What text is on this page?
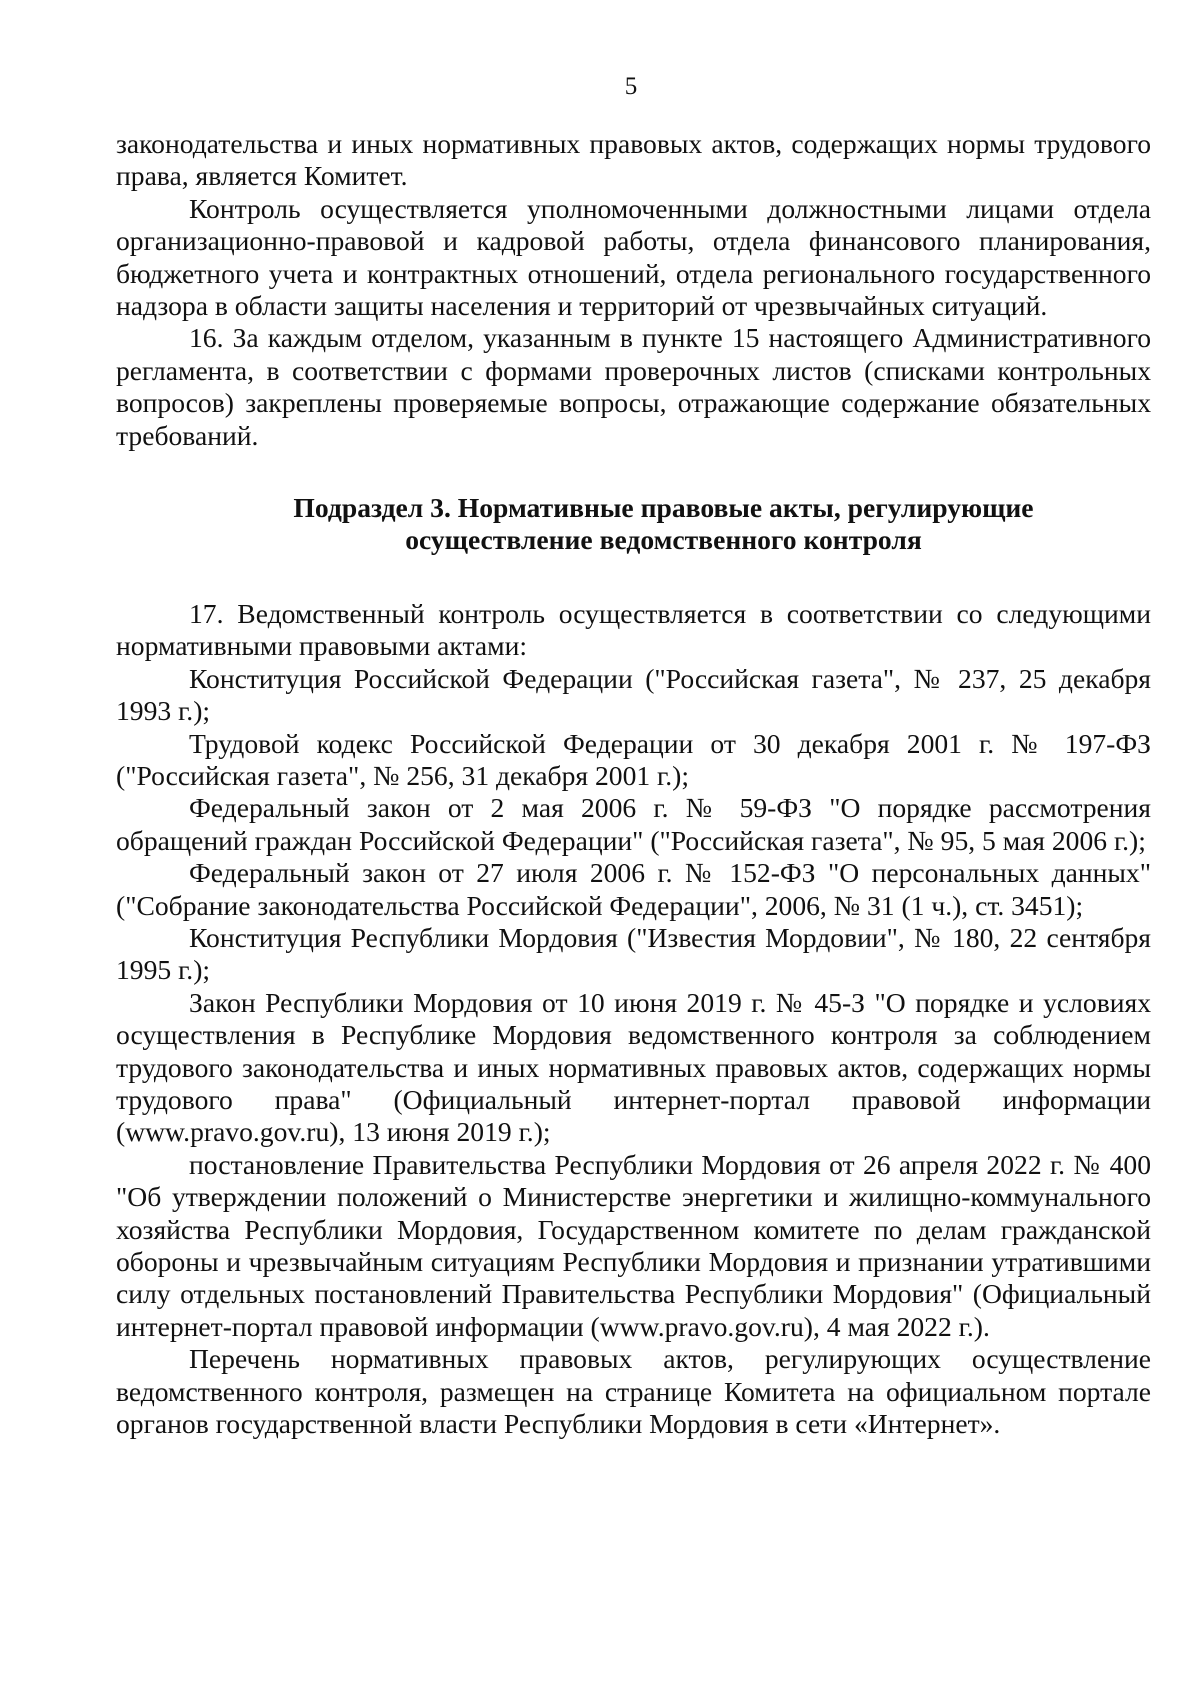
5

законодательства и иных нормативных правовых актов, содержащих нормы трудового права, является Комитет.

Контроль осуществляется уполномоченными должностными лицами отдела организационно-правовой и кадровой работы, отдела финансового планирования, бюджетного учета и контрактных отношений, отдела регионального государственного надзора в области защиты населения и территорий от чрезвычайных ситуаций.

16. За каждым отделом, указанным в пункте 15 настоящего Административного регламента, в соответствии с формами проверочных листов (списками контрольных вопросов) закреплены проверяемые вопросы, отражающие содержание обязательных требований.

Подраздел 3. Нормативные правовые акты, регулирующие
осуществление ведомственного контроля

17. Ведомственный контроль осуществляется в соответствии со следующими нормативными правовыми актами:

Конституция Российской Федерации ("Российская газета", № 237, 25 декабря 1993 г.);

Трудовой кодекс Российской Федерации от 30 декабря 2001 г. № 197-ФЗ ("Российская газета", № 256, 31 декабря 2001 г.);

Федеральный закон от 2 мая 2006 г. № 59-ФЗ "О порядке рассмотрения обращений граждан Российской Федерации" ("Российская газета", № 95, 5 мая 2006 г.);

Федеральный закон от 27 июля 2006 г. № 152-ФЗ "О персональных данных" ("Собрание законодательства Российской Федерации", 2006, № 31 (1 ч.), ст. 3451);

Конституция Республики Мордовия ("Известия Мордовии", № 180, 22 сентября 1995 г.);

Закон Республики Мордовия от 10 июня 2019 г. № 45-З "О порядке и условиях осуществления в Республике Мордовия ведомственного контроля за соблюдением трудового законодательства и иных нормативных правовых актов, содержащих нормы трудового права" (Официальный интернет-портал правовой информации (www.pravo.gov.ru), 13 июня 2019 г.);

постановление Правительства Республики Мордовия от 26 апреля 2022 г. № 400 "Об утверждении положений о Министерстве энергетики и жилищно-коммунального хозяйства Республики Мордовия, Государственном комитете по делам гражданской обороны и чрезвычайным ситуациям Республики Мордовия и признании утратившими силу отдельных постановлений Правительства Республики Мордовия" (Официальный интернет-портал правовой информации (www.pravo.gov.ru), 4 мая 2022 г.).

Перечень нормативных правовых актов, регулирующих осуществление ведомственного контроля, размещен на странице Комитета на официальном портале органов государственной власти Республики Мордовия в сети «Интернет».
